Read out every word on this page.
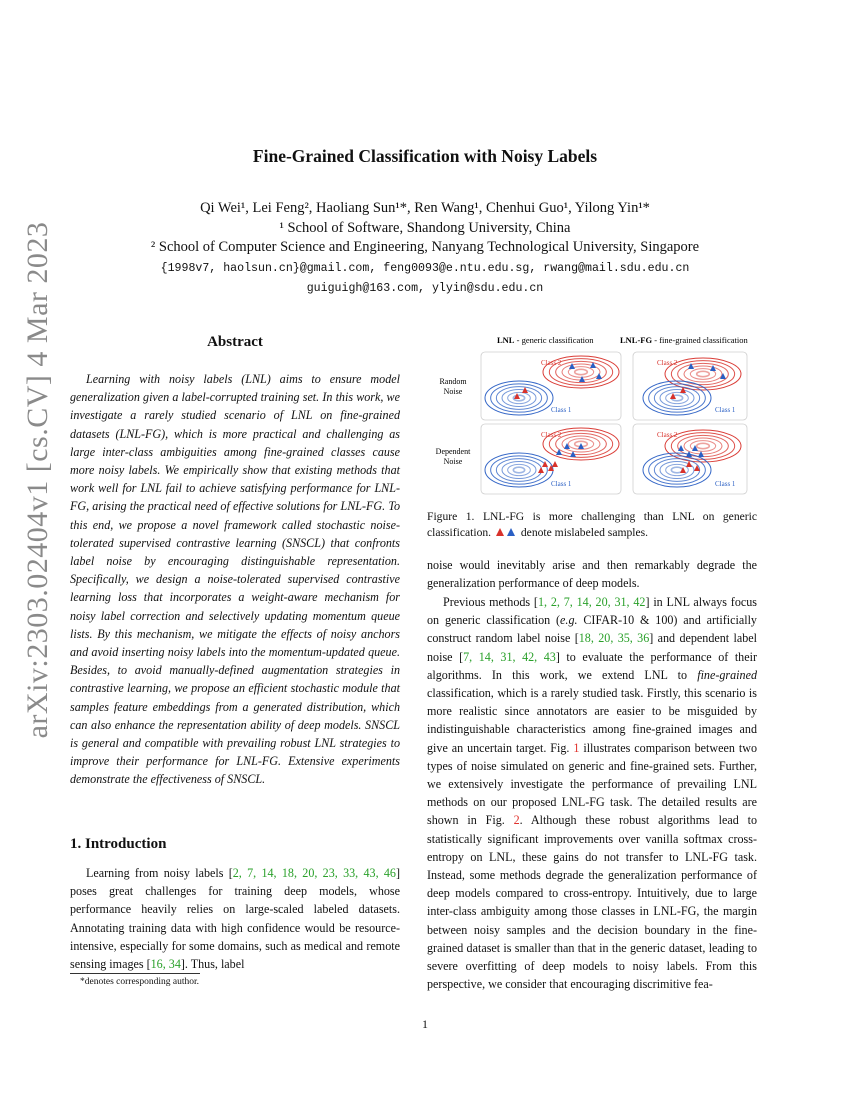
arXiv:2303.02404v1 [cs.CV] 4 Mar 2023
Fine-Grained Classification with Noisy Labels
Qi Wei¹, Lei Feng², Haoliang Sun¹*, Ren Wang¹, Chenhui Guo¹, Yilong Yin¹*
¹ School of Software, Shandong University, China
² School of Computer Science and Engineering, Nanyang Technological University, Singapore
{1998v7, haolsun.cn}@gmail.com, feng0093@e.ntu.edu.sg, rwang@mail.sdu.edu.cn
guiguigh@163.com, ylyin@sdu.edu.cn
Abstract
Learning with noisy labels (LNL) aims to ensure model generalization given a label-corrupted training set. In this work, we investigate a rarely studied scenario of LNL on fine-grained datasets (LNL-FG), which is more practical and challenging as large inter-class ambiguities among fine-grained classes cause more noisy labels. We empirically show that existing methods that work well for LNL fail to achieve satisfying performance for LNL-FG, arising the practical need of effective solutions for LNL-FG. To this end, we propose a novel framework called stochastic noise-tolerated supervised contrastive learning (SNSCL) that confronts label noise by encouraging distinguishable representation. Specifically, we design a noise-tolerated supervised contrastive learning loss that incorporates a weight-aware mechanism for noisy label correction and selectively updating momentum queue lists. By this mechanism, we mitigate the effects of noisy anchors and avoid inserting noisy labels into the momentum-updated queue. Besides, to avoid manually-defined augmentation strategies in contrastive learning, we propose an efficient stochastic module that samples feature embeddings from a generated distribution, which can also enhance the representation ability of deep models. SNSCL is general and compatible with prevailing robust LNL strategies to improve their performance for LNL-FG. Extensive experiments demonstrate the effectiveness of SNSCL.
1. Introduction
Learning from noisy labels [2, 7, 14, 18, 20, 23, 33, 43, 46] poses great challenges for training deep models, whose performance heavily relies on large-scaled labeled datasets. Annotating training data with high confidence would be resource-intensive, especially for some domains, such as medical and remote sensing images [16, 34]. Thus, label
*denotes corresponding author.
LNL - generic classification	LNL-FG - fine-grained classification
Random
Noise
Dependent
Noise
Class 2
Class 1
Class 2
Class 1
Class 2
Class 1
Class 2
Class 1
Figure 1. LNL-FG is more challenging than LNL on generic classification.  denote mislabeled samples.
noise would inevitably arise and then remarkably degrade the generalization performance of deep models.
Previous methods [1, 2, 7, 14, 20, 31, 42] in LNL always focus on generic classification (e.g. CIFAR-10 & 100) and artificially construct random label noise [18, 20, 35, 36] and dependent label noise [7, 14, 31, 42, 43] to evaluate the performance of their algorithms. In this work, we extend LNL to fine-grained classification, which is a rarely studied task. Firstly, this scenario is more realistic since annotators are easier to be misguided by indistinguishable characteristics among fine-grained images and give an uncertain target. Fig. 1 illustrates comparison between two types of noise simulated on generic and fine-grained sets. Further, we extensively investigate the performance of prevailing LNL methods on our proposed LNL-FG task. The detailed results are shown in Fig. 2. Although these robust algorithms lead to statistically significant improvements over vanilla softmax cross-entropy on LNL, these gains do not transfer to LNL-FG task. Instead, some methods degrade the generalization performance of deep models compared to cross-entropy. Intuitively, due to large inter-class ambiguity among those classes in LNL-FG, the margin between noisy samples and the decision boundary in the fine-grained dataset is smaller than that in the generic dataset, leading to severe overfitting of deep models to noisy labels. From this perspective, we consider that encouraging discrimitive fea-
1
